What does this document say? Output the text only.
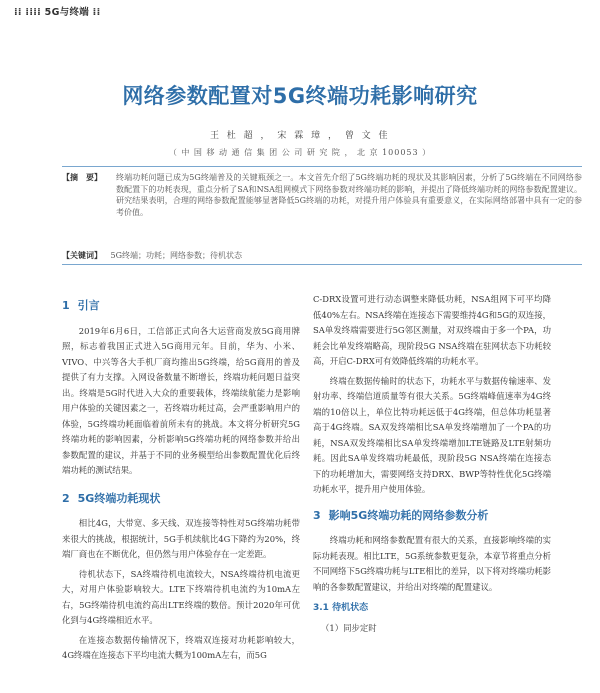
⁞⁞ ⁞⁞⁞⁞ 5G与终端 ⁞⁞
网络参数配置对5G终端功耗影响研究
王 杜 超 ， 宋 霖 璋 ， 曾 文 佳
（ 中 国 移 动 通 信 集 团 公 司 研 究 院 ， 北 京 100053 ）
【摘　要】 终端功耗问题已成为5G终端普及的关键瓶颈之一。本文首先介绍了5G终端功耗的现状及其影响因素，分析了5G终端在不同网络参数配置下的功耗表现，重点分析了SA和NSA组网模式下网络参数对终端功耗的影响，并提出了降低终端功耗的网络参数配置建议。研究结果表明，合理的网络参数配置能够显著降低5G终端的功耗，对提升用户体验具有重要意义，在实际网络部署中具有一定的参考价值。
【关键词】 5G终端；功耗；网络参数；待机状态
1 引言

2019年6月6日，工信部正式向各大运营商发放5G商用牌照，标志着我国正式进入5G商用元年。目前，华为、小米、VIVO、中兴等各大手机厂商均推出5G终端，给5G商用的普及提供了有力支撑。入网设备数量不断增长，终端功耗问题日益突出。终端是5G时代进入大众的重要载体，终端续航能力是影响用户体验的关键因素之一，若终端功耗过高，会严重影响用户的体验，5G终端功耗面临着前所未有的挑战。本文将分析研究5G终端功耗的影响因素，分析影响5G终端功耗的网络参数并给出参数配置的建议，并基于不同的业务模型给出参数配置优化后终端功耗的测试结果。

2 5G终端功耗现状

相比4G，大带宽、多天线、双连接等特性对5G终端功耗带来很大的挑战，根据统计，5G手机续航比4G下降约为20%，终端厂商也在不断优化，但仍然与用户体验存在一定差距。

待机状态下，SA终端待机电流较大，NSA终端待机电流更大，对用户体验影响较大。LTE下终端待机电流约为10mA左右，5G终端待机电流约高出LTE终端的数倍。预计2020年可优化到与4G终端相近水平。

在连接态数据传输情况下，终端双连接对功耗影响较大，4G终端在连接态下平均电流大概为100mA左右，而5G

C-DRX设置可进行动态调整来降低功耗，NSA组网下可平均降低40%左右。NSA终端在连接态下需要维持4G和5G的双连接，SA单发终端需要进行5G邻区测量，对双终端由于多一个PA，功耗会比单发终端略高，现阶段5G NSA终端在驻网状态下功耗较高，开启C-DRX可有效降低终端的功耗水平。

终端在数据传输时的状态下，功耗水平与数据传输速率、发射功率、终端信道质量等有很大关系。5G终端峰值速率为4G终端的10倍以上，单位比特功耗远低于4G终端，但总体功耗显著高于4G终端。SA双发终端相比SA单发终端增加了一个PA的功耗，NSA双发终端相比SA单发终端增加LTE链路及LTE射频功耗。因此SA单发终端功耗最低，现阶段5G NSA终端在连接态下的功耗增加大，需要网络支持DRX、BWP等特性优化5G终端功耗水平，提升用户使用体验。

3 影响5G终端功耗的网络参数分析

终端功耗和网络参数配置有很大的关系，直接影响终端的实际功耗表现。相比LTE，5G系统参数更复杂，本章节将重点分析不同网络下5G终端功耗与LTE相比的差异，以下将对终端功耗影响的各参数配置建议，并给出对终端的配置建议。

3.1 待机状态
（1）同步定时
